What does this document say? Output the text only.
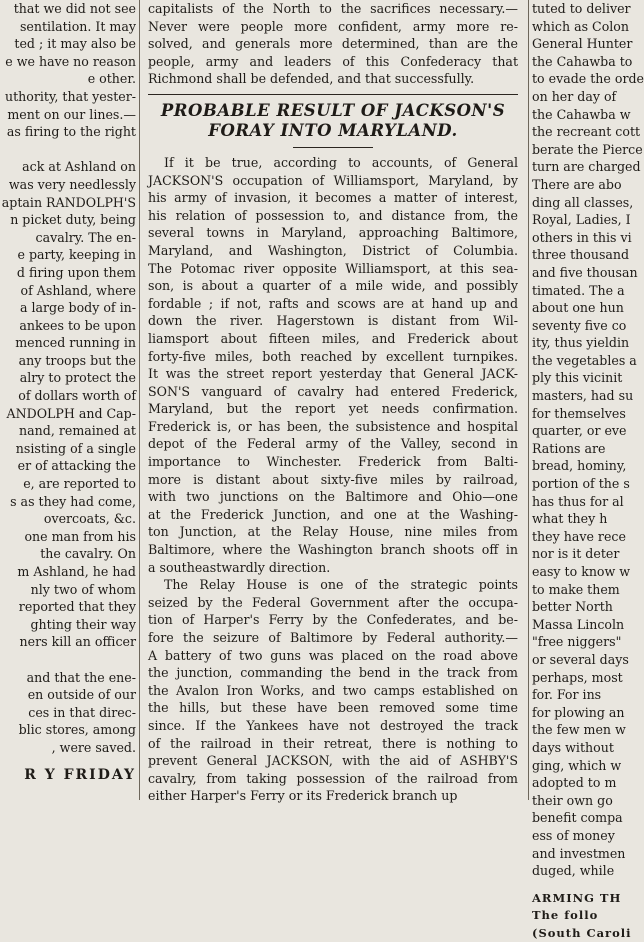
that we did not see
sentilation. It may
ted ; it may also be
e we have no reason
e other.
uthority, that yester-
ment on our lines.—
as firing to the right

ack at Ashland on
was very needlessly
aptain RANDOLPH'S
n picket duty, being
cavalry. The en-
e party, keeping in
d firing upon them
of Ashland, where
a large body of in-
ankees to be upon
menced running in
any troops but the
alry to protect the
of dollars worth of
ANDOLPH and Cap-
nand, remained at
nsisting of a single
er of attacking the
e, are reported to
s as they had come,
overcoats, &c.
one man from his
the cavalry. On
m Ashland, he had
nly two of whom
reported that they
ghting their way
ners kill an officer

and that the ene-
en outside of our
ces in that direc-
blic stores, among
, were saved.
R Y FRIDAY
capitalists of the North to the sacrifices necessary.—
Never were people more confident, army more re-
solved, and generals more determined, than are the
people, army and leaders of this Confederacy that
Richmond shall be defended, and that successfully.
PROBABLE RESULT OF JACKSON'S
FORAY INTO MARYLAND.
If it be true, according to accounts, of General
JACKSON'S occupation of Williamsport, Maryland, by
his army of invasion, it becomes a matter of interest,
his relation of possession to, and distance from, the
several towns in Maryland, approaching Baltimore,
Maryland, and Washington, District of Columbia.
The Potomac river opposite Williamsport, at this sea-
son, is about a quarter of a mile wide, and possibly
fordable ; if not, rafts and scows are at hand up and
down the river. Hagerstown is distant from Wil-
liamsport about fifteen miles, and Frederick about
forty-five miles, both reached by excellent turnpikes.
It was the street report yesterday that General JACK-
SON'S vanguard of cavalry had entered Frederick,
Maryland, but the report yet needs confirmation.
Frederick is, or has been, the subsistence and hospital
depot of the Federal army of the Valley, second in
importance to Winchester. Frederick from Balti-
more is distant about sixty-five miles by railroad,
with two junctions on the Baltimore and Ohio—one
at the Frederick Junction, and one at the Washing-
ton Junction, at the Relay House, nine miles from
Baltimore, where the Washington branch shoots off in
a southeastwardly direction.
The Relay House is one of the strategic points
seized by the Federal Government after the occupa-
tion of Harper's Ferry by the Confederates, and be-
fore the seizure of Baltimore by Federal authority.—
A battery of two guns was placed on the road above
the junction, commanding the bend in the track from
the Avalon Iron Works, and two camps established on
the hills, but these have been removed some time
since. If the Yankees have not destroyed the track
of the railroad in their retreat, there is nothing to
prevent General JACKSON, with the aid of ASHBY'S
cavalry, from taking possession of the railroad from
either Harper's Ferry or its Frederick branch up
tuted to deliver
which as Colon
General Hunter
the Cahawba to
to evade the orde
on her day of
the Cahawba w
the recreant cott
berate the Pierce
turn are charged
There are abo
ding all classes,
Royal, Ladies, I
others in this vi
three thousand
and five thousan
timated. The a
about one hun
seventy five co
ity, thus yieldin
the vegetables a
ply this vicinit
masters, had su
for themselves
quarter, or eve
Rations are
bread, hominy,
portion of the s
has thus for al
what they h
they have rece
nor is it deter
easy to know w
to make them
better North
Massa Lincoln
"free niggers"
or several days
perhaps, most
for. For ins
for plowing an
the few men w
days without
ging, which w
adopted to m
their own go
benefit compa
ess of money
and investmen
duged, while
ARMING TH
The follo
(South Caroli
